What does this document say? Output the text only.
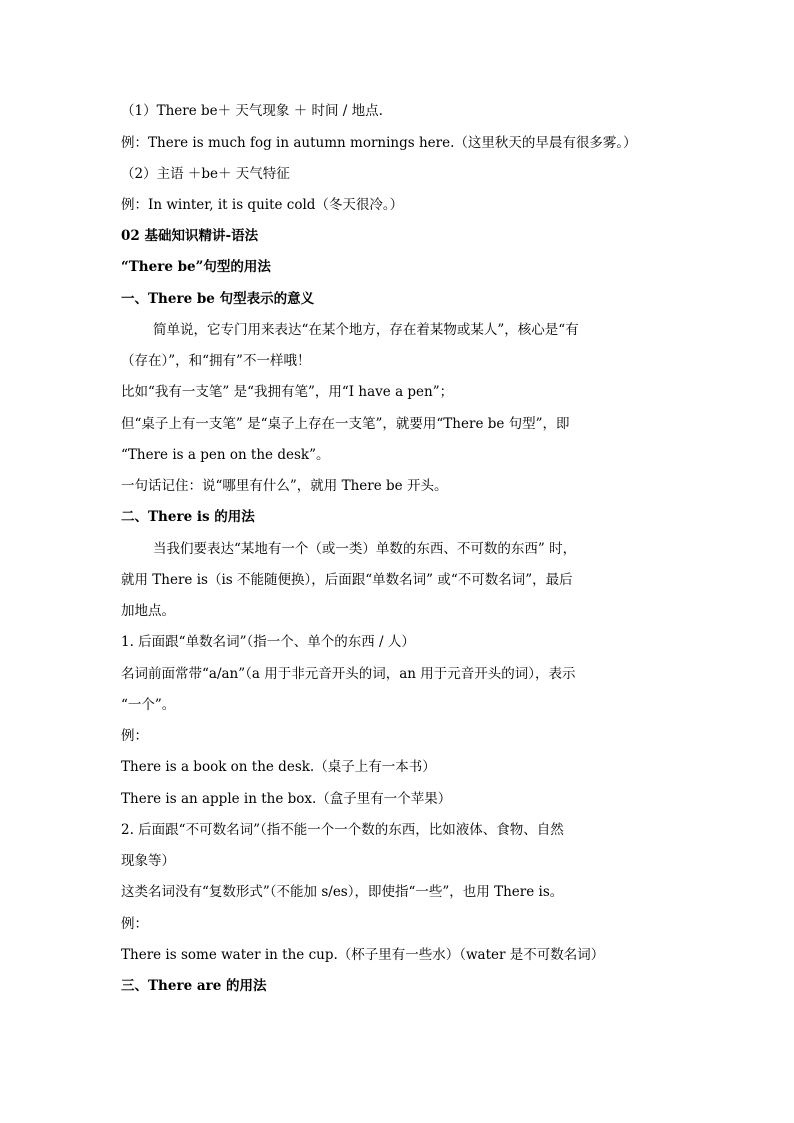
（1）There be＋ 天气现象 ＋ 时间 / 地点.
例：There is much fog in autumn mornings here.（这里秋天的早晨有很多雾。）
（2）主语 ＋be＋ 天气特征
例：In winter, it is quite cold（冬天很冷。）
02 基础知识精讲-语法
“There be”句型的用法
一、There be 句型表示的意义
简单说，它专门用来表达“在某个地方，存在着某物或某人”，核心是“有
（存在）”，和“拥有”不一样哦！
比如“我有一支笔” 是“我拥有笔”，用“I have a pen”；
但“桌子上有一支笔” 是“桌子上存在一支笔”，就要用“There be 句型”，即
“There is a pen on the desk”。
一句话记住：说“哪里有什么”，就用 There be 开头。
二、There is 的用法
当我们要表达“某地有一个（或一类）单数的东西、不可数的东西” 时，
就用 There is（is 不能随便换），后面跟“单数名词” 或“不可数名词”，最后
加地点。
1. 后面跟“单数名词”（指一个、单个的东西 / 人）
名词前面常带“a/an”（a 用于非元音开头的词，an 用于元音开头的词），表示
“一个”。
例：
There is a book on the desk.（桌子上有一本书）
There is an apple in the box.（盒子里有一个苹果）
2. 后面跟“不可数名词”（指不能一个一个数的东西，比如液体、食物、自然
现象等）
这类名词没有“复数形式”（不能加 s/es），即使指“一些”，也用 There is。
例：
There is some water in the cup.（杯子里有一些水）（water 是不可数名词）
三、There are 的用法
